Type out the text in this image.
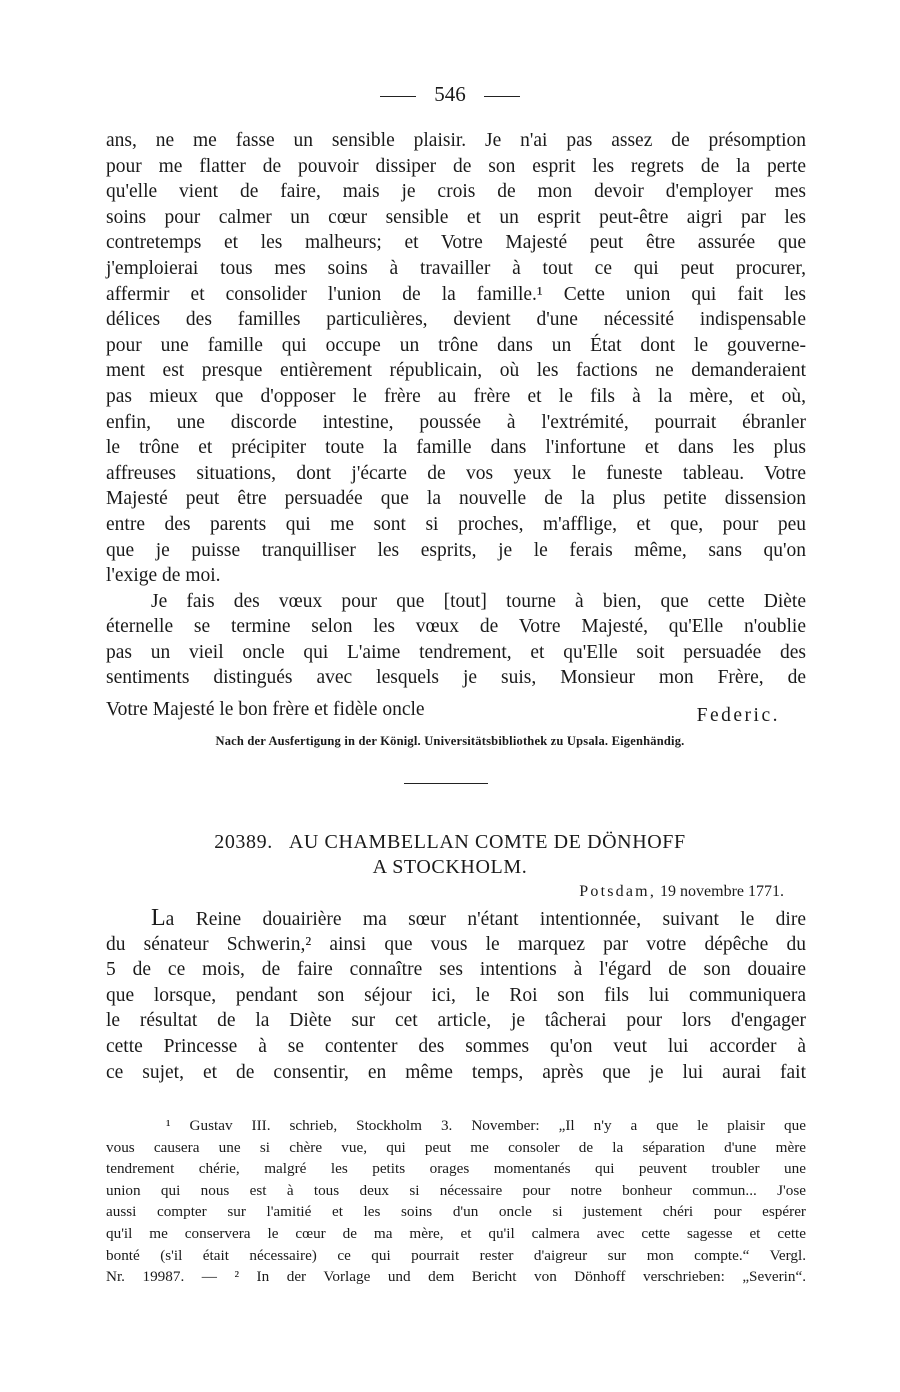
546
ans, ne me fasse un sensible plaisir. Je n'ai pas assez de présomption
pour me flatter de pouvoir dissiper de son esprit les regrets de la perte
qu'elle vient de faire, mais je crois de mon devoir d'employer mes
soins pour calmer un cœur sensible et un esprit peut-être aigri par les
contretemps et les malheurs; et Votre Majesté peut être assurée que
j'emploierai tous mes soins à travailler à tout ce qui peut procurer,
affermir et consolider l'union de la famille.¹ Cette union qui fait les
délices des familles particulières, devient d'une nécessité indispensable
pour une famille qui occupe un trône dans un État dont le gouverne-
ment est presque entièrement républicain, où les factions ne demanderaient
pas mieux que d'opposer le frère au frère et le fils à la mère, et où,
enfin, une discorde intestine, poussée à l'extrémité, pourrait ébranler
le trône et précipiter toute la famille dans l'infortune et dans les plus
affreuses situations, dont j'écarte de vos yeux le funeste tableau. Votre
Majesté peut être persuadée que la nouvelle de la plus petite dissension
entre des parents qui me sont si proches, m'afflige, et que, pour peu
que je puisse tranquilliser les esprits, je le ferais même, sans qu'on
l'exige de moi.
Je fais des vœux pour que [tout] tourne à bien, que cette Diète
éternelle se termine selon les vœux de Votre Majesté, qu'Elle n'oublie
pas un vieil oncle qui L'aime tendrement, et qu'Elle soit persuadée des
sentiments distingués avec lesquels je suis, Monsieur mon Frère, de
Votre Majesté le bon frère et fidèle oncle	Federic.
Nach der Ausfertigung in der Königl. Universitätsbibliothek zu Upsala. Eigenhändig.
20389. AU CHAMBELLAN COMTE DE DÖNHOFF
A STOCKHOLM.
Potsdam, 19 novembre 1771.
La Reine douairière ma sœur n'étant intentionnée, suivant le dire
du sénateur Schwerin,² ainsi que vous le marquez par votre dépêche du
5 de ce mois, de faire connaître ses intentions à l'égard de son douaire
que lorsque, pendant son séjour ici, le Roi son fils lui communiquera
le résultat de la Diète sur cet article, je tâcherai pour lors d'engager
cette Princesse à se contenter des sommes qu'on veut lui accorder à
ce sujet, et de consentir, en même temps, après que je lui aurai fait
¹ Gustav III. schrieb, Stockholm 3. November: „Il n'y a que le plaisir que
vous causera une si chère vue, qui peut me consoler de la séparation d'une mère
tendrement chérie, malgré les petits orages momentanés qui peuvent troubler une
union qui nous est à tous deux si nécessaire pour notre bonheur commun... J'ose
aussi compter sur l'amitié et les soins d'un oncle si justement chéri pour espérer
qu'il me conservera le cœur de ma mère, et qu'il calmera avec cette sagesse et cette
bonté (s'il était nécessaire) ce qui pourrait rester d'aigreur sur mon compte.“ Vergl.
Nr. 19987. — ² In der Vorlage und dem Bericht von Dönhoff verschrieben: „Severin“.
